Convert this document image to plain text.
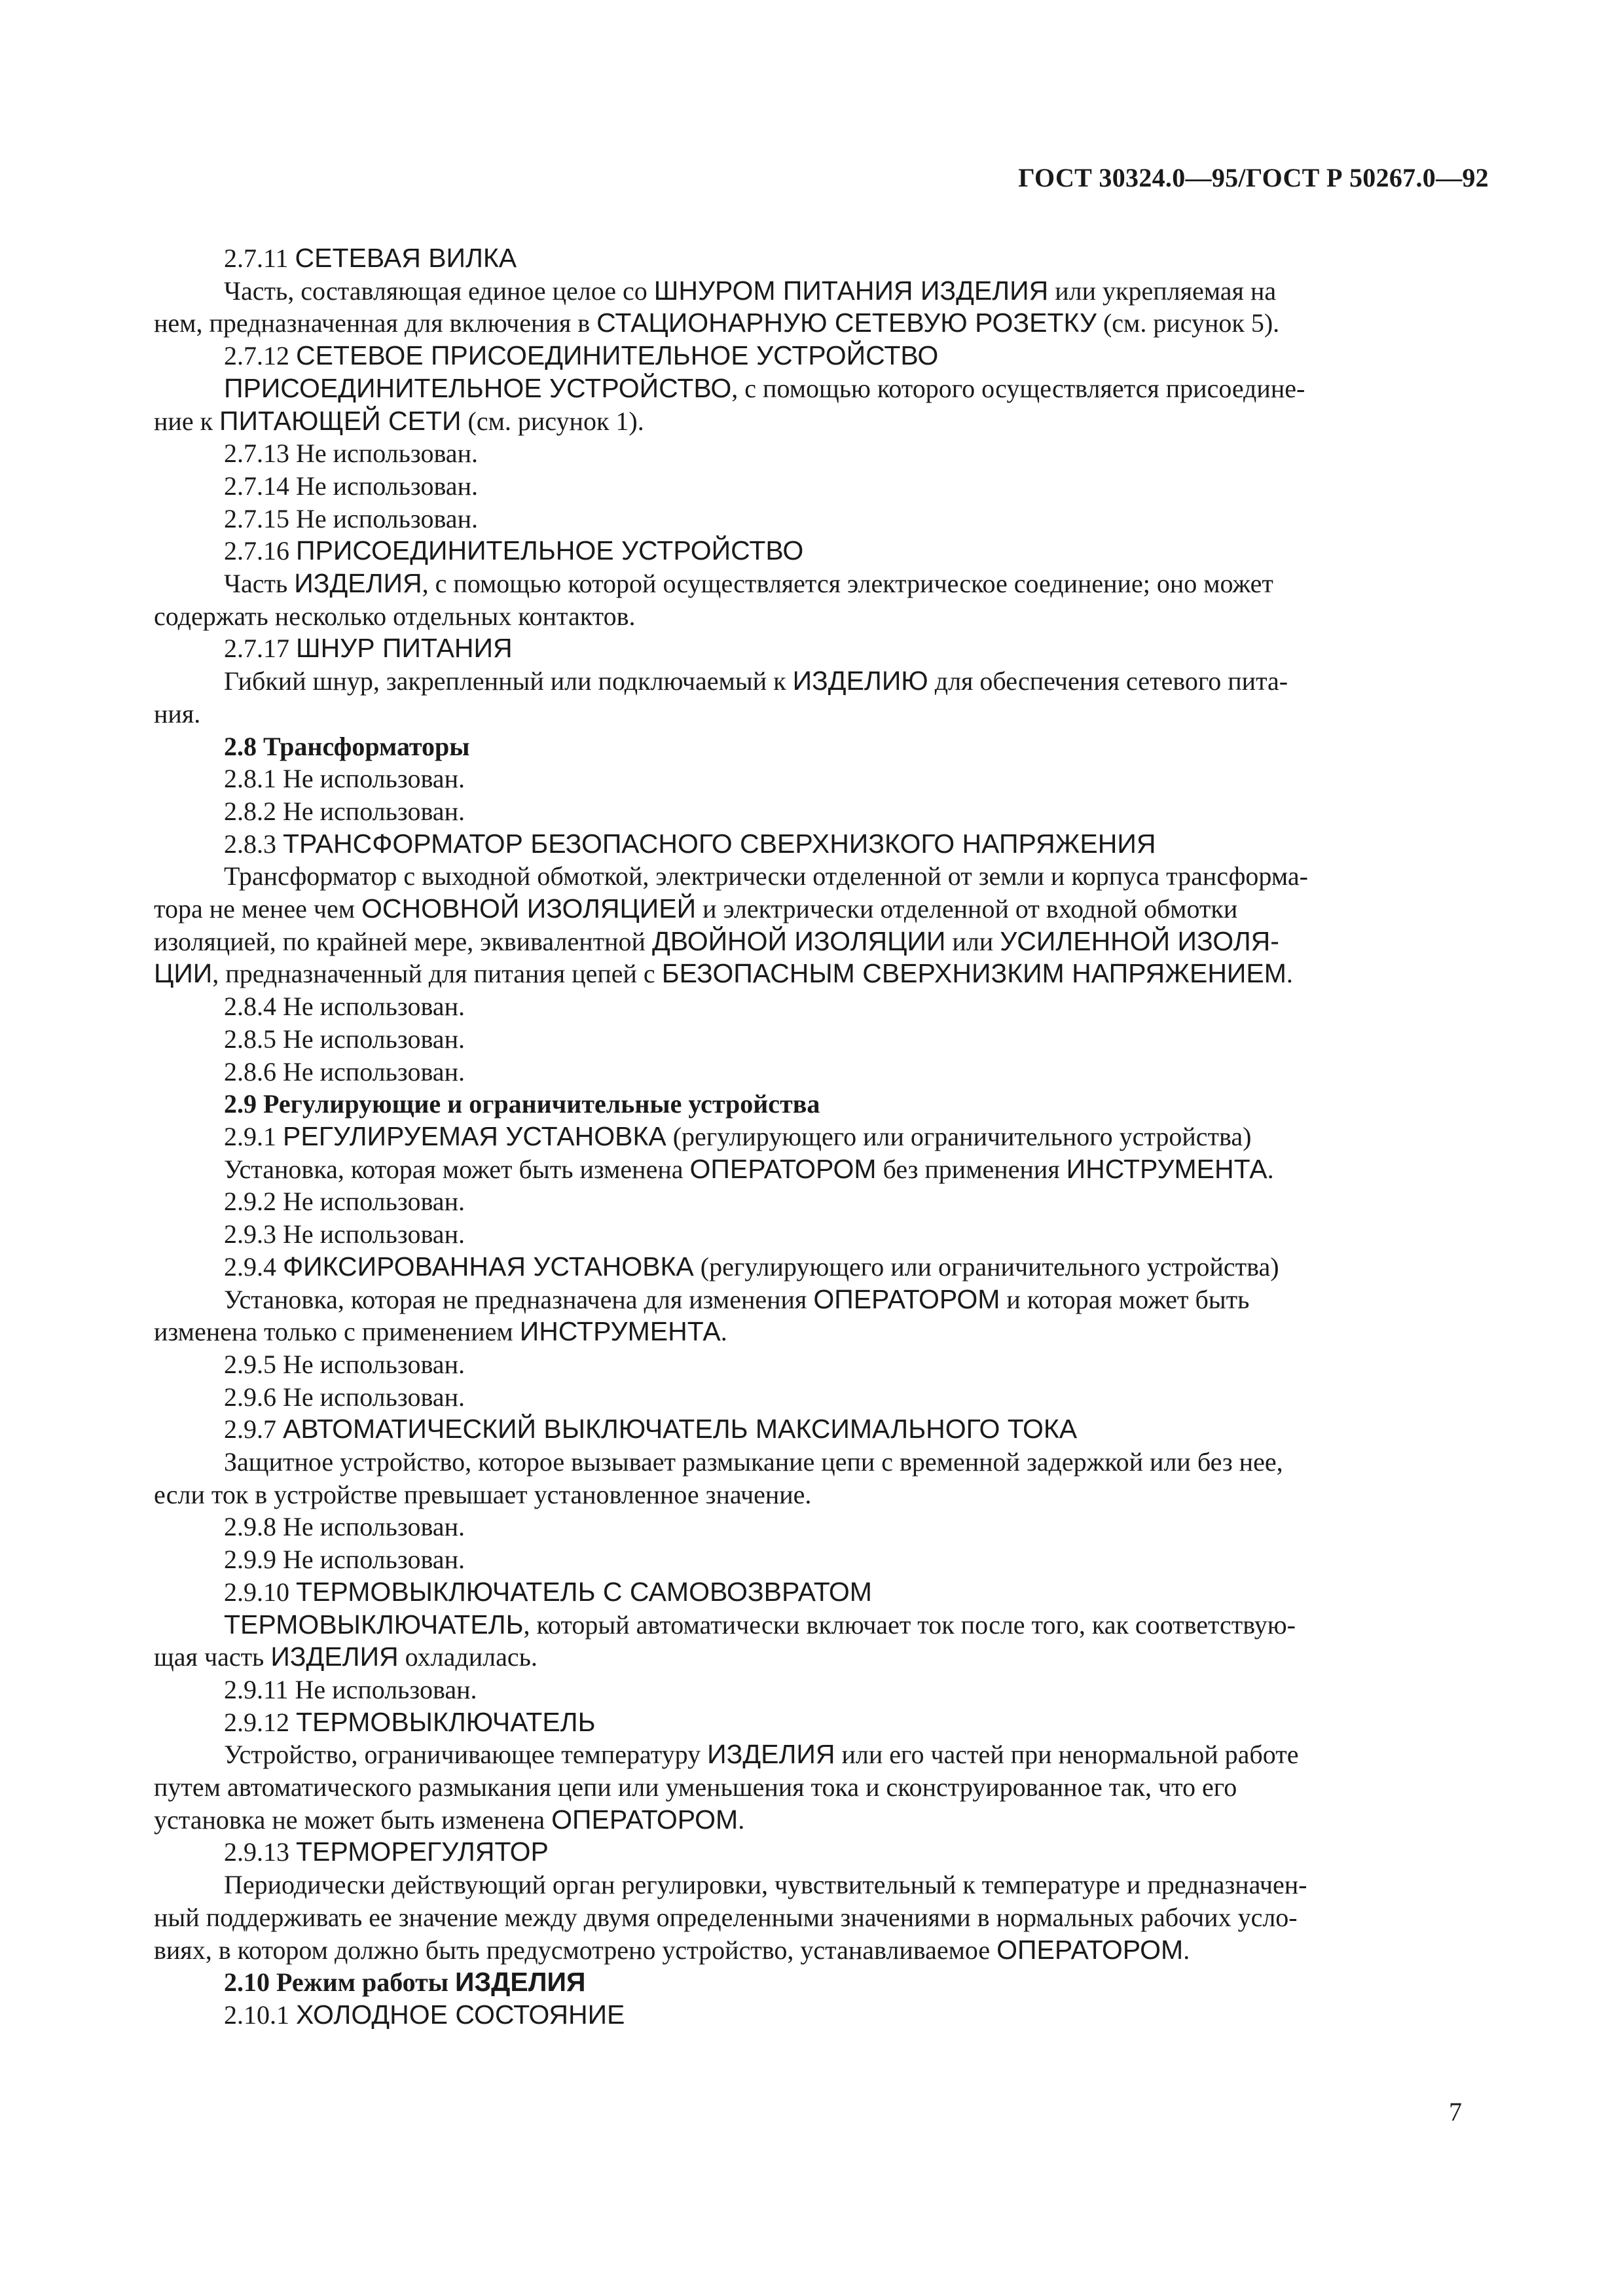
ГОСТ 30324.0—95/ГОСТ Р 50267.0—92

2.7.11 СЕТЕВАЯ ВИЛКА

Часть, составляющая единое целое со ШНУРОМ ПИТАНИЯ ИЗДЕЛИЯ или укрепляемая на

нем, предназначенная для включения в СТАЦИОНАРНУЮ СЕТЕВУЮ РОЗЕТКУ (см. рисунок 5).

2.7.12 СЕТЕВОЕ ПРИСОЕДИНИТЕЛЬНОЕ УСТРОЙСТВО

ПРИСОЕДИНИТЕЛЬНОЕ УСТРОЙСТВО, с помощью которого осуществляется присоедине-

ние к ПИТАЮЩЕЙ СЕТИ (см. рисунок 1).

2.7.13 Не использован.

2.7.14 Не использован.

2.7.15 Не использован.

2.7.16 ПРИСОЕДИНИТЕЛЬНОЕ УСТРОЙСТВО

Часть ИЗДЕЛИЯ, с помощью которой осуществляется электрическое соединение; оно может

содержать несколько отдельных контактов.

2.7.17 ШНУР ПИТАНИЯ

Гибкий шнур, закрепленный или подключаемый к ИЗДЕЛИЮ для обеспечения сетевого пита-

ния.

2.8 Трансформаторы

2.8.1 Не использован.

2.8.2 Не использован.

2.8.3 ТРАНСФОРМАТОР БЕЗОПАСНОГО СВЕРХНИЗКОГО НАПРЯЖЕНИЯ

Трансформатор с выходной обмоткой, электрически отделенной от земли и корпуса трансформа-

тора не менее чем ОСНОВНОЙ ИЗОЛЯЦИЕЙ и электрически отделенной от входной обмотки

изоляцией, по крайней мере, эквивалентной ДВОЙНОЙ ИЗОЛЯЦИИ или УСИЛЕННОЙ ИЗОЛЯ-

ЦИИ, предназначенный для питания цепей с БЕЗОПАСНЫМ СВЕРХНИЗКИМ НАПРЯЖЕНИЕМ.

2.8.4 Не использован.

2.8.5 Не использован.

2.8.6 Не использован.

2.9 Регулирующие и ограничительные устройства

2.9.1 РЕГУЛИРУЕМАЯ УСТАНОВКА (регулирующего или ограничительного устройства)

Установка, которая может быть изменена ОПЕРАТОРОМ без применения ИНСТРУМЕНТА.

2.9.2 Не использован.

2.9.3 Не использован.

2.9.4 ФИКСИРОВАННАЯ УСТАНОВКА (регулирующего или ограничительного устройства)

Установка, которая не предназначена для изменения ОПЕРАТОРОМ и которая может быть

изменена только с применением ИНСТРУМЕНТА.

2.9.5 Не использован.

2.9.6 Не использован.

2.9.7 АВТОМАТИЧЕСКИЙ ВЫКЛЮЧАТЕЛЬ МАКСИМАЛЬНОГО ТОКА

Защитное устройство, которое вызывает размыкание цепи с временной задержкой или без нее,

если ток в устройстве превышает установленное значение.

2.9.8 Не использован.

2.9.9 Не использован.

2.9.10 ТЕРМОВЫКЛЮЧАТЕЛЬ С САМОВОЗВРАТОМ

ТЕРМОВЫКЛЮЧАТЕЛЬ, который автоматически включает ток после того, как соответствую-

щая часть ИЗДЕЛИЯ охладилась.

2.9.11 Не использован.

2.9.12 ТЕРМОВЫКЛЮЧАТЕЛЬ

Устройство, ограничивающее температуру ИЗДЕЛИЯ или его частей при ненормальной работе

путем автоматического размыкания цепи или уменьшения тока и сконструированное так, что его

установка не может быть изменена ОПЕРАТОРОМ.

2.9.13 ТЕРМОРЕГУЛЯТОР

Периодически действующий орган регулировки, чувствительный к температуре и предназначен-

ный поддерживать ее значение между двумя определенными значениями в нормальных рабочих усло-

виях, в котором должно быть предусмотрено устройство, устанавливаемое ОПЕРАТОРОМ.

2.10 Режим работы ИЗДЕЛИЯ

2.10.1 ХОЛОДНОЕ СОСТОЯНИЕ

7
